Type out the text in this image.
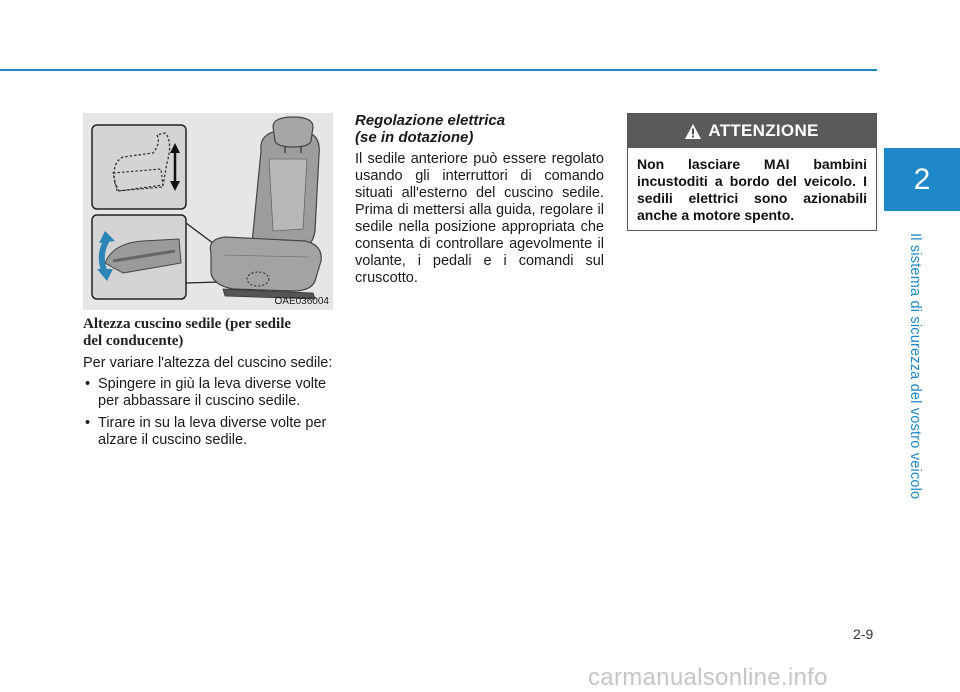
2
Il sistema di sicurezza del vostro veicolo
OAE036004
Altezza cuscino sedile (per sedile
del conducente)

Per variare l'altezza del cuscino sedile:

• Spingere in giù la leva diverse volte per abbassare il cuscino sedile.
• Tirare in su la leva diverse volte per alzare il cuscino sedile.
Regolazione elettrica
(se in dotazione)

Il sedile anteriore può essere regolato usando gli interruttori di comando situati all'esterno del cuscino sedile. Prima di mettersi alla guida, regolare il sedile nella posizione appropriata che consenta di controllare agevolmente il volante, i pedali e i comandi sul cruscotto.

ATTENZIONE
Non lasciare MAI bambini incustoditi a bordo del veicolo. I sedili elettrici sono azionabili anche a motore spento.
2-9
carmanualsonline.info
